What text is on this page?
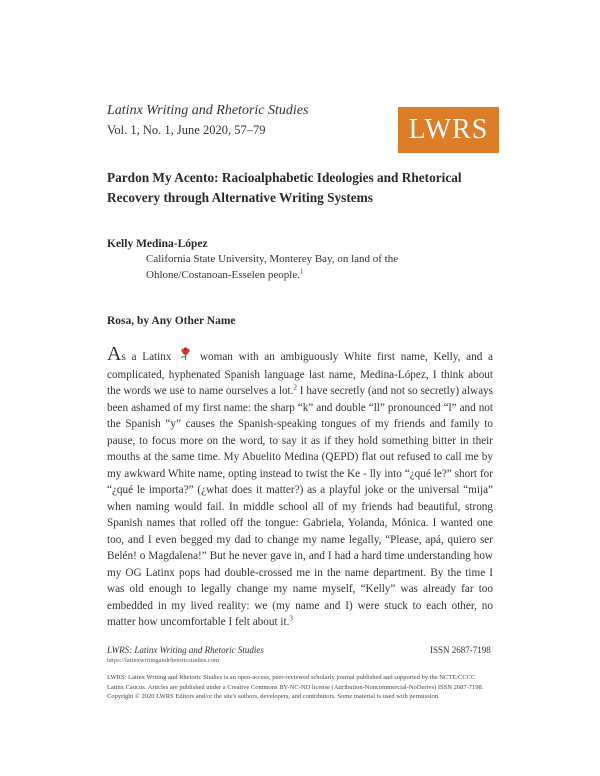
Latinx Writing and Rhetoric Studies
Vol. 1, No. 1, June 2020, 57–79	LWRS
Pardon My Acento: Racioalphabetic Ideologies and Rhetorical Recovery through Alternative Writing Systems
Kelly Medina-López
California State University, Monterey Bay, on land of the Ohlone/Costanoan-Esselen people.$^1$
Rosa, by Any Other Name
As a Latinx	woman with an ambiguously White first name, Kelly, and a complicated, hyphenated Spanish language last name, Medina-López, I think about the words we use to name ourselves a lot.$^2$ I have secretly (and not so secretly) always been ashamed of my first name: the sharp “k” and double “ll” pronounced “l” and not the Spanish “y” causes the Spanish-speaking tongues of my friends and family to pause, to focus more on the word, to say it as if they hold something bitter in their mouths at the same time. My Abuelito Medina (QEPD) flat out refused to call me by my awkward White name, opting instead to twist the Ke - lly into “¿qué le?” short for “¿qué le importa?” (¿what does it matter?) as a playful joke or the universal “mija” when naming would fail. In middle school all of my friends had beautiful, strong Spanish names that rolled off the tongue: Gabriela, Yolanda, Mónica. I wanted one too, and I even begged my dad to change my name legally, “Please, apá, quiero ser Belén! o Magdalena!” But he never gave in, and I had a hard time understanding how my OG Latinx pops had double-crossed me in the name department. By the time I was old enough to legally change my name myself, “Kelly” was already far too embedded in my lived reality: we (my name and I) were stuck to each other, no matter how uncomfortable I felt about it.$^3$
LWRS: Latinx Writing and Rhetoric Studies
https://latinxwritingandrhetoricstudies.com
ISSN 2687-7198
LWRS: Latinx Writing and Rhetoric Studies is an open-access, peer-reviewed scholarly journal published and supported by the NCTE/CCCC Latinx Caucus. Articles are published under a Creative Commons BY-NC-ND license (Attribution-Noncommercial-NoDerivs) ISSN 2687-7198. Copyright © 2020 LWRS Editors and/or the site's authors, developers, and contributors. Some material is used with permission.
